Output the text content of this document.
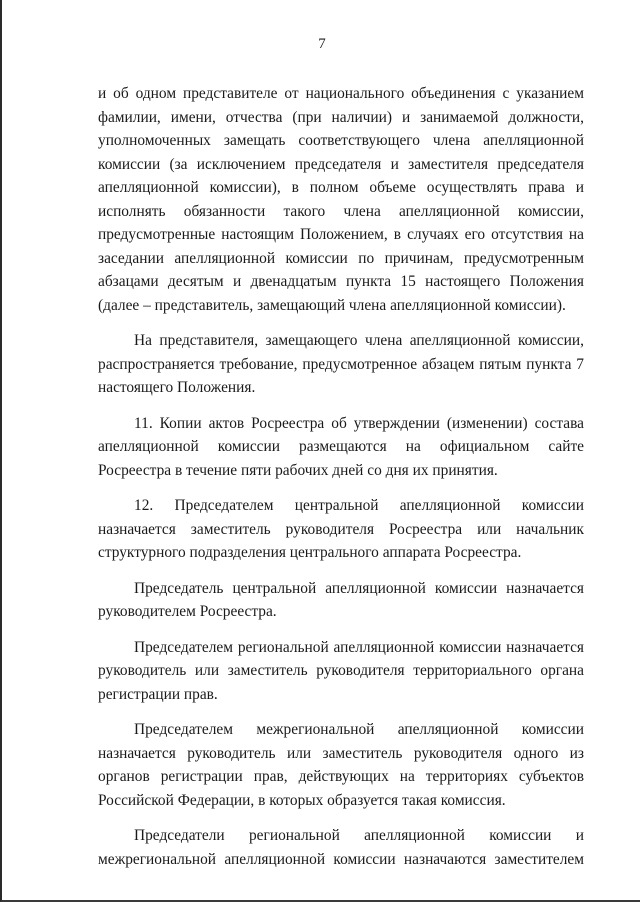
7

и об одном представителе от национального объединения с указанием фамилии, имени, отчества (при наличии) и занимаемой должности, уполномоченных замещать соответствующего члена апелляционной комиссии (за исключением председателя и заместителя председателя апелляционной комиссии), в полном объеме осуществлять права и исполнять обязанности такого члена апелляционной комиссии, предусмотренные настоящим Положением, в случаях его отсутствия на заседании апелляционной комиссии по причинам, предусмотренным абзацами десятым и двенадцатым пункта 15 настоящего Положения (далее – представитель, замещающий члена апелляционной комиссии).

На представителя, замещающего члена апелляционной комиссии, распространяется требование, предусмотренное абзацем пятым пункта 7 настоящего Положения.

11. Копии актов Росреестра об утверждении (изменении) состава апелляционной комиссии размещаются на официальном сайте Росреестра в течение пяти рабочих дней со дня их принятия.

12. Председателем центральной апелляционной комиссии назначается заместитель руководителя Росреестра или начальник структурного подразделения центрального аппарата Росреестра.

Председатель центральной апелляционной комиссии назначается руководителем Росреестра.

Председателем региональной апелляционной комиссии назначается руководитель или заместитель руководителя территориального органа регистрации прав.

Председателем межрегиональной апелляционной комиссии назначается руководитель или заместитель руководителя одного из органов регистрации прав, действующих на территориях субъектов Российской Федерации, в которых образуется такая комиссия.

Председатели региональной апелляционной комиссии и межрегиональной апелляционной комиссии назначаются заместителем
